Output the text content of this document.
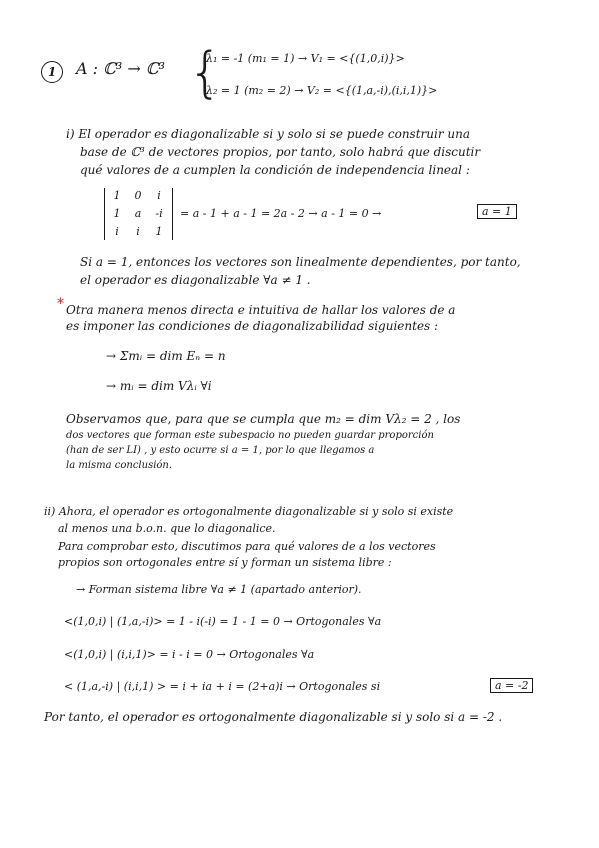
1	A : ℂ³ → ℂ³ {
λ₁ = -1 (m₁ = 1) → V₁ = <{(1,0,i)}>
λ₂ = 1 (m₂ = 2) → V₂ = <{(1,a,-i),(i,i,1)}>
i) El operador es diagonalizable si y solo si se puede construir una
base de ℂ³ de vectores propios, por tanto, solo habrá que discutir
qué valores de a cumplen la condición de independencia lineal :
1	0	i
1	a	-i
i	i	1
= a - 1 + a - 1 = 2a - 2 → a - 1 = 0 →	a = 1
Si a = 1, entonces los vectores son linealmente dependientes, por tanto,
el operador es diagonalizable ∀a ≠ 1 .
* Otra manera menos directa e intuitiva de hallar los valores de a
es imponer las condiciones de diagonalizabilidad siguientes :
→ Σmᵢ = dim Eₙ = n
→ mᵢ = dim Vλᵢ ∀i
Observamos que, para que se cumpla que m₂ = dim Vλ₂ = 2 , los
dos vectores que forman este subespacio no pueden guardar proporción
(han de ser LI) , y esto ocurre si a = 1, por lo que llegamos a
la misma conclusión.
ii) Ahora, el operador es ortogonalmente diagonalizable si y solo si existe
al menos una b.o.n. que lo diagonalice.
Para comprobar esto, discutimos para qué valores de a los vectores
propios son ortogonales entre sí y forman un sistema libre :
→ Forman sistema libre ∀a ≠ 1 (apartado anterior).
<(1,0,i) | (1,a,-i)> = 1 - i(-i) = 1 - 1 = 0 → Ortogonales ∀a
<(1,0,i) | (i,i,1)> = i - i = 0 → Ortogonales ∀a
< (1,a,-i) | (i,i,1) > = i + ia + i = (2+a)i → Ortogonales si	a = -2
Por tanto, el operador es ortogonalmente diagonalizable si y solo si a = -2 .
